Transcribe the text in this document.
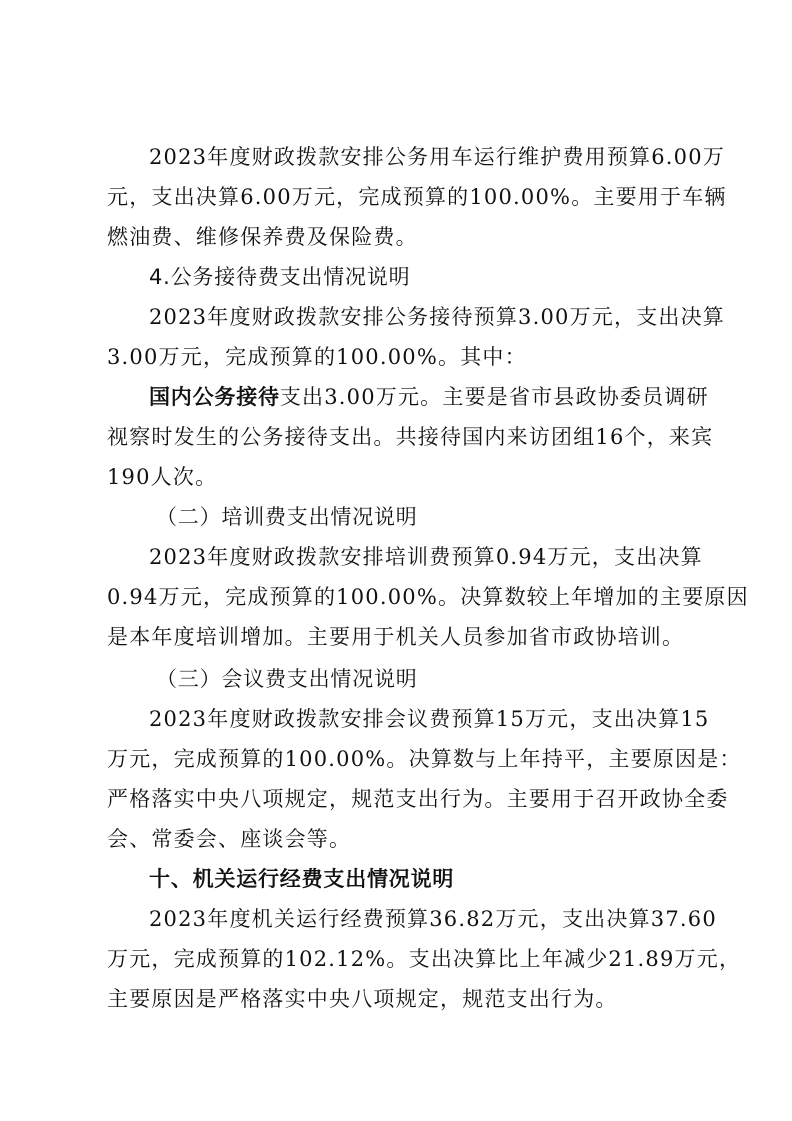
2023年度财政拨款安排公务用车运行维护费用预算6.00万
元，支出决算6.00万元，完成预算的100.00%。主要用于车辆
燃油费、维修保养费及保险费。
4.公务接待费支出情况说明
2023年度财政拨款安排公务接待预算3.00万元，支出决算
3.00万元，完成预算的100.00%。其中：
国内公务接待支出3.00万元。主要是省市县政协委员调研
视察时发生的公务接待支出。共接待国内来访团组16个，来宾
190人次。
（二）培训费支出情况说明
2023年度财政拨款安排培训费预算0.94万元，支出决算
0.94万元，完成预算的100.00%。决算数较上年增加的主要原因
是本年度培训增加。主要用于机关人员参加省市政协培训。
（三）会议费支出情况说明
2023年度财政拨款安排会议费预算15万元，支出决算15
万元，完成预算的100.00%。决算数与上年持平，主要原因是：
严格落实中央八项规定，规范支出行为。主要用于召开政协全委
会、常委会、座谈会等。
十、机关运行经费支出情况说明
2023年度机关运行经费预算36.82万元，支出决算37.60
万元，完成预算的102.12%。支出决算比上年减少21.89万元，
主要原因是严格落实中央八项规定，规范支出行为。
